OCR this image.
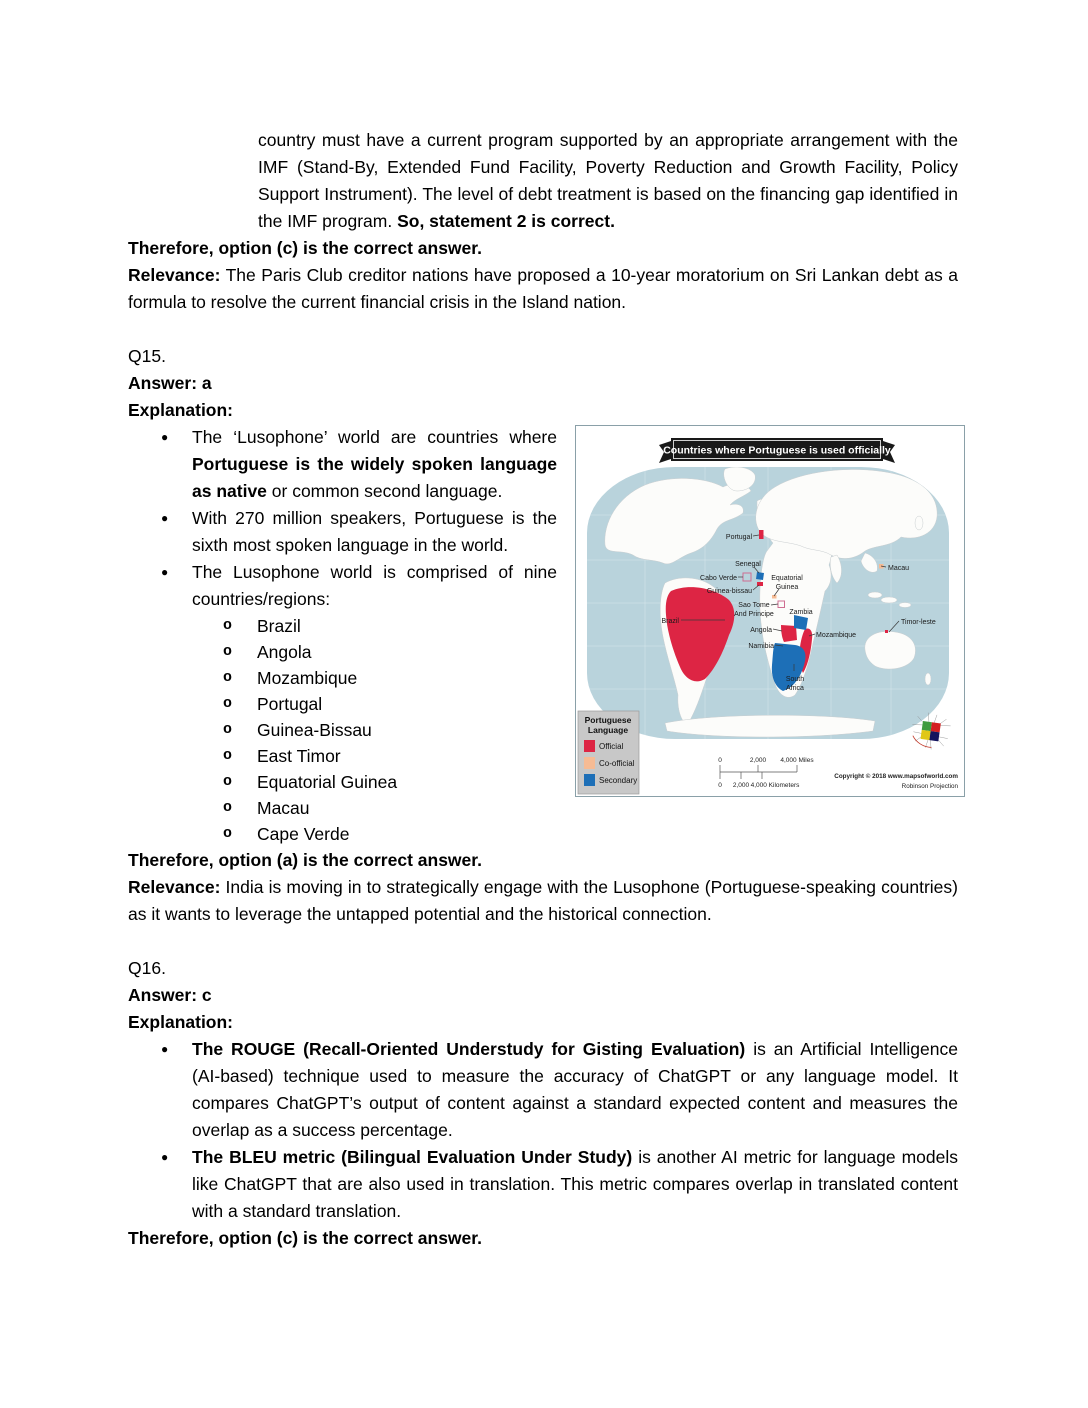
country must have a current program supported by an appropriate arrangement with the IMF (Stand-By, Extended Fund Facility, Poverty Reduction and Growth Facility, Policy Support Instrument). The level of debt treatment is based on the financing gap identified in the IMF program. So, statement 2 is correct.

Therefore, option (c) is the correct answer.

Relevance: The Paris Club creditor nations have proposed a 10-year moratorium on Sri Lankan debt as a formula to resolve the current financial crisis in the Island nation.

Q15.

Answer: a

Explanation:

● The ‘Lusophone’ world are countries where Portuguese is the widely spoken language as native or common second language.
● With 270 million speakers, Portuguese is the sixth most spoken language in the world.
● The Lusophone world is comprised of nine countries/regions:
o Brazil
o Angola
o Mozambique
o Portugal
o Guinea-Bissau
o East Timor
o Equatorial Guinea
o Macau
o Cape Verde

Therefore, option (a) is the correct answer.

Relevance: India is moving in to strategically engage with the Lusophone (Portuguese-speaking countries) as it wants to leverage the untapped potential and the historical connection.

Q16.

Answer: c

Explanation:

● The ROUGE (Recall-Oriented Understudy for Gisting Evaluation) is an Artificial Intelligence (AI-based) technique used to measure the accuracy of ChatGPT or any language model. It compares ChatGPT’s output of content against a standard expected content and measures the overlap as a success percentage.
● The BLEU metric (Bilingual Evaluation Under Study) is another AI metric for language models like ChatGPT that are also used in translation. This metric compares overlap in translated content with a standard translation.

Therefore, option (c) is the correct answer.

Portugal
Senegal
Cabo Verde
Guinea-bissau
Equatorial
Guinea
Sao Tome
And Principe Zambia
Brazil
Angola
Mozambique
Namibia
South
Africa
Macau
Timor-leste
Countries where Portuguese is used officially
Portuguese
Language
Official
Co-official
Secondary
0	2,000 4,000 Miles
0 2,000 4,000 Kilometers
Copyright © 2018 www.mapsofworld.com
Robinson Projection
